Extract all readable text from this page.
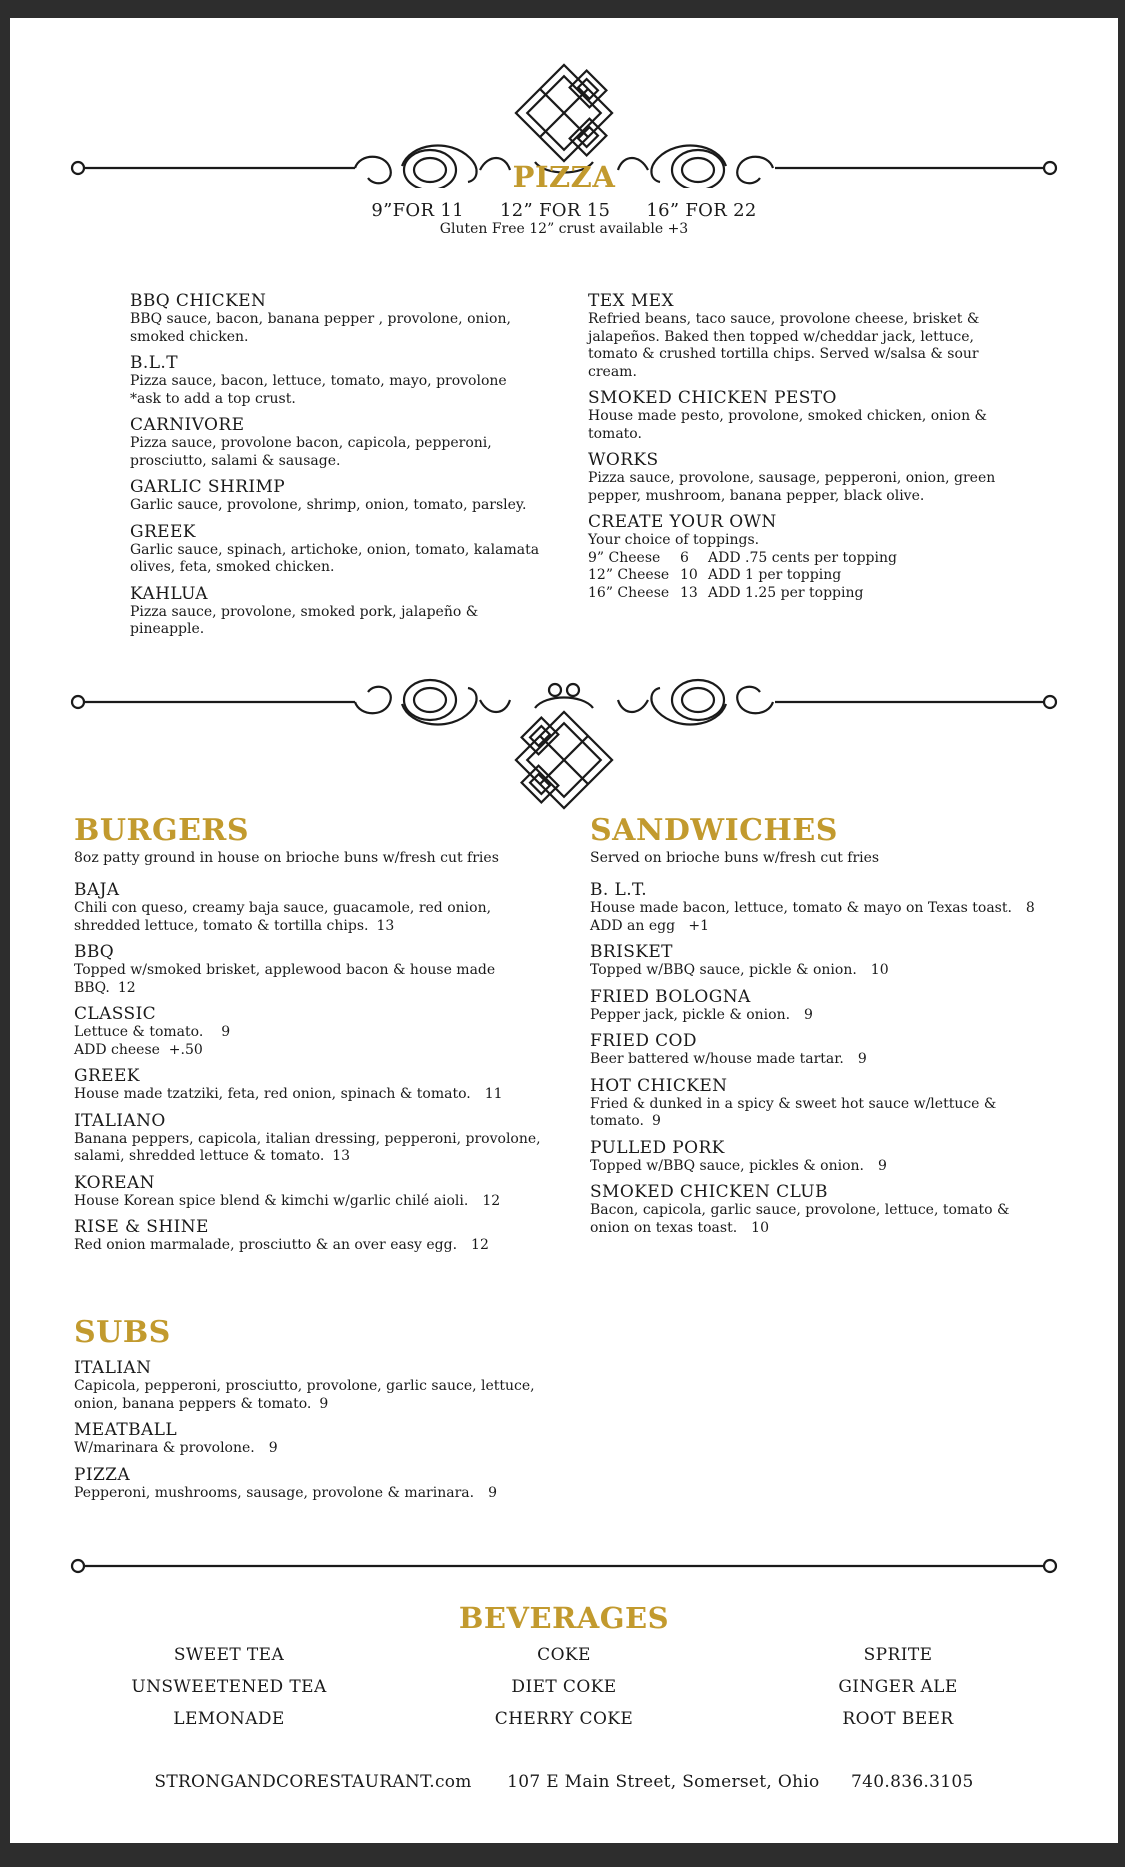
PIZZA
9”FOR 11      12” FOR 15      16” FOR 22
Gluten Free 12” crust available +3
BBQ CHICKEN
BBQ sauce, bacon, banana pepper , provolone, onion, smoked chicken.
B.L.T
Pizza sauce, bacon, lettuce, tomato, mayo, provolone *ask to add a top crust.
CARNIVORE
Pizza sauce, provolone bacon, capicola, pepperoni, prosciutto, salami & sausage.
GARLIC SHRIMP
Garlic sauce, provolone, shrimp, onion, tomato, parsley.
GREEK
Garlic sauce, spinach, artichoke, onion, tomato, kalamata olives, feta, smoked chicken.
KAHLUA
Pizza sauce, provolone, smoked pork, jalapeño & pineapple.
TEX MEX
Refried beans, taco sauce, provolone cheese, brisket & jalapeños. Baked then topped w/cheddar jack, lettuce, tomato & crushed tortilla chips. Served w/salsa & sour cream.
SMOKED CHICKEN PESTO
House made pesto, provolone, smoked chicken, onion & tomato.
WORKS
Pizza sauce, provolone, sausage, pepperoni, onion, green pepper, mushroom, banana pepper, black olive.
CREATE YOUR OWN
Your choice of toppings.
9” Cheese 6 ADD .75 cents per topping
12” Cheese 10 ADD 1 per topping
16” Cheese 13 ADD 1.25 per topping
BURGERS
8oz patty ground in house on brioche buns w/fresh cut fries
BAJA
Chili con queso, creamy baja sauce, guacamole, red onion, shredded lettuce, tomato & tortilla chips. 13
BBQ
Topped w/smoked brisket, applewood bacon & house made BBQ. 12
CLASSIC
Lettuce & tomato. 9
ADD cheese  +.50
GREEK
House made tzatziki, feta, red onion, spinach & tomato. 11
ITALIANO
Banana peppers, capicola, italian dressing, pepperoni, provolone, salami, shredded lettuce & tomato. 13
KOREAN
House Korean spice blend & kimchi w/garlic chilé aioli. 12
RISE & SHINE
Red onion marmalade, prosciutto & an over easy egg. 12
SUBS
ITALIAN
Capicola, pepperoni, prosciutto, provolone, garlic sauce, lettuce, onion, banana peppers & tomato. 9
MEATBALL
W/marinara & provolone. 9
PIZZA
Pepperoni, mushrooms, sausage, provolone & marinara. 9
SANDWICHES
Served on brioche buns w/fresh cut fries
B. L.T.
House made bacon, lettuce, tomato & mayo on Texas toast. 8
ADD an egg   +1
BRISKET
Topped w/BBQ sauce, pickle & onion. 10
FRIED BOLOGNA
Pepper jack, pickle & onion. 9
FRIED COD
Beer battered w/house made tartar. 9
HOT CHICKEN
Fried & dunked in a spicy & sweet hot sauce w/lettuce & tomato. 9
PULLED PORK
Topped w/BBQ sauce, pickles & onion. 9
SMOKED CHICKEN CLUB
Bacon, capicola, garlic sauce, provolone, lettuce, tomato & onion on texas toast. 10
BEVERAGES
SWEET TEA	COKE	SPRITE
UNSWEETENED TEA	DIET COKE	GINGER ALE
LEMONADE	CHERRY COKE	ROOT BEER
STRONGANDCORESTAURANT.com 107 E Main Street, Somerset, Ohio 740.836.3105
